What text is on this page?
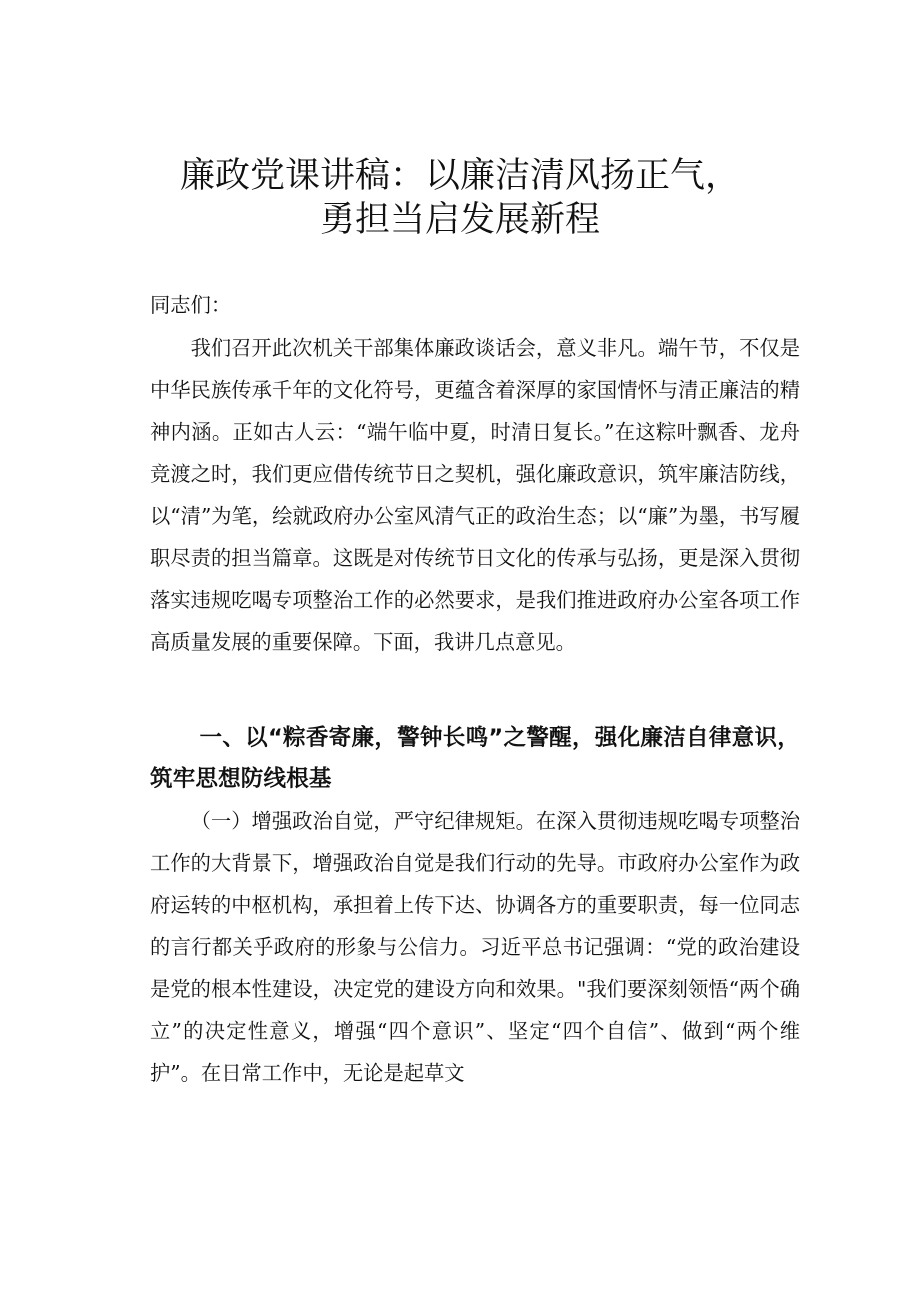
廉政党课讲稿：以廉洁清风扬正气，
勇担当启发展新程
同志们：

我们召开此次机关干部集体廉政谈话会，意义非凡。端午节，不仅是中华民族传承千年的文化符号，更蕴含着深厚的家国情怀与清正廉洁的精神内涵。正如古人云：“端午临中夏，时清日复长。”在这粽叶飘香、龙舟竞渡之时，我们更应借传统节日之契机，强化廉政意识，筑牢廉洁防线，以“清”为笔，绘就政府办公室风清气正的政治生态；以“廉”为墨，书写履职尽责的担当篇章。这既是对传统节日文化的传承与弘扬，更是深入贯彻落实违规吃喝专项整治工作的必然要求，是我们推进政府办公室各项工作高质量发展的重要保障。下面，我讲几点意见。

一、以“粽香寄廉，警钟长鸣”之警醒，强化廉洁自律意识，筑牢思想防线根基

（一）增强政治自觉，严守纪律规矩。在深入贯彻违规吃喝专项整治工作的大背景下，增强政治自觉是我们行动的先导。市政府办公室作为政府运转的中枢机构，承担着上传下达、协调各方的重要职责，每一位同志的言行都关乎政府的形象与公信力。习近平总书记强调：“党的政治建设是党的根本性建设，决定党的建设方向和效果。"我们要深刻领悟“两个确立”的决定性意义，增强“四个意识”、坚定“四个自信”、做到“两个维护”。在日常工作中，无论是起草文
